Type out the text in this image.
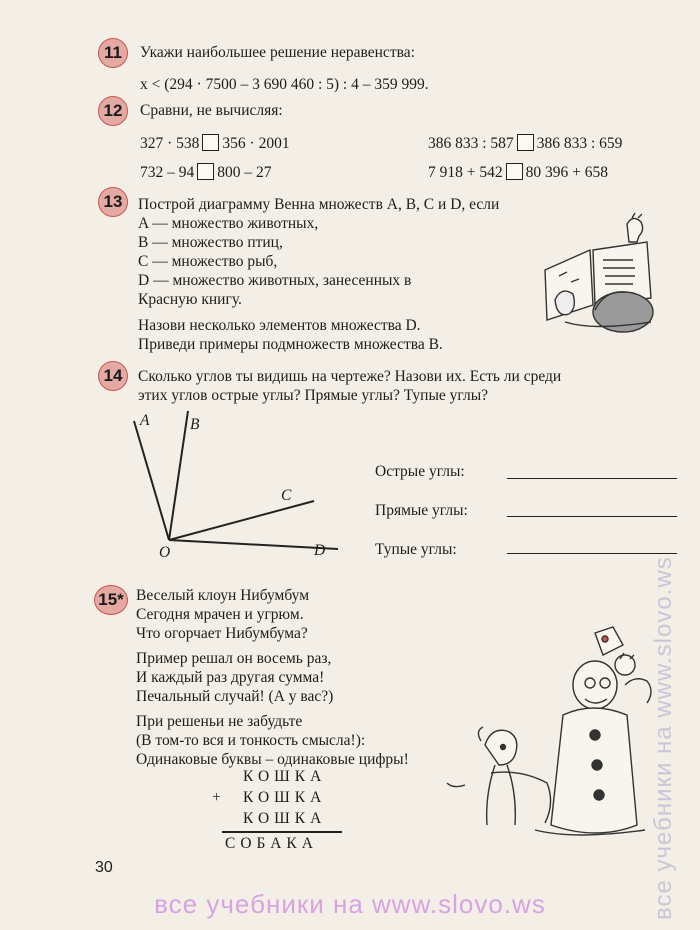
11	Укажи наибольшее решение неравенства:
x < (294 · 7500 – 3 690 460 : 5) : 4 – 359 999.
12	Сравни, не вычисляя:
327 · 538 356 · 2001	386 833 : 587 386 833 : 659
732 – 94 800 – 27	7 918 + 542 80 396 + 658
13	Построй диаграмму Венна множеств A, B, C и D, если
A — множество животных,
B — множество птиц,
C — множество рыб,
D — множество животных, занесенных в
Красную книгу.
Назови несколько элементов множества D.
Приведи примеры подмножеств множества B.
14	Сколько углов ты видишь на чертеже? Назови их. Есть ли среди
этих углов острые углы? Прямые углы? Тупые углы?
A	B
C
D
O
Острые углы:
Прямые углы:
Тупые углы:
15* Веселый клоун Нибумбум
Сегодня мрачен и угрюм.
Что огорчает Нибумбума?
Пример решал он восемь раз,
И каждый раз другая сумма!
Печальный случай! (А у вас?)
При решеньи не забудьте
(В том-то вся и тонкость смысла!):
Одинаковые буквы – одинаковые цифры!
КОШКА
+ КОШКА
КОШКА
СОБАКА
30	все учебники на www.slovo.ws
все учебники на www.slovo.ws
